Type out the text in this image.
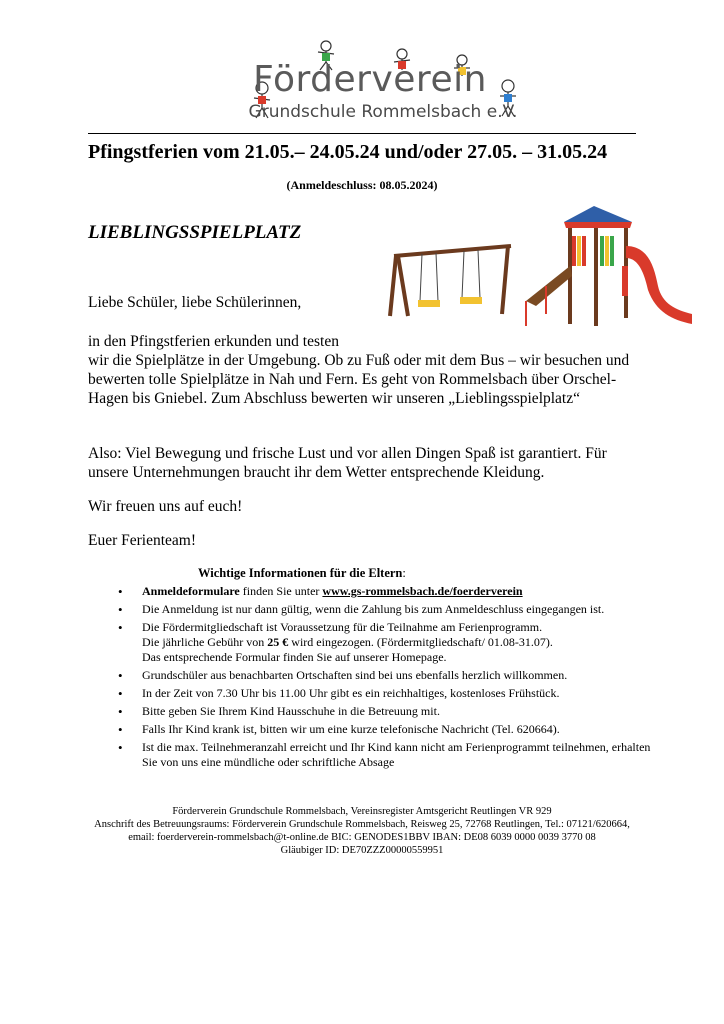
Förderverein
Grundschule Rommelsbach e.V.
Pfingstferien vom 21.05.– 24.05.24 und/oder 27.05. – 31.05.24
(Anmeldeschluss: 08.05.2024)
LIEBLINGSSPIELPLATZ
Liebe Schüler, liebe Schülerinnen,
in den Pfingstferien erkunden und testen
wir die Spielplätze in der Umgebung. Ob zu Fuß oder mit dem Bus – wir besuchen und bewerten tolle Spielplätze in Nah und Fern. Es geht von Rommelsbach über Orschel-Hagen bis Gniebel. Zum Abschluss bewerten wir unseren „Lieblingsspielplatz“
Also: Viel Bewegung und frische Lust und vor allen Dingen Spaß ist garantiert. Für unsere Unternehmungen braucht ihr dem Wetter entsprechende Kleidung.
Wir freuen uns auf euch!
Euer Ferienteam!
Wichtige Informationen für die Eltern:
• Anmeldeformulare finden Sie unter www.gs-rommelsbach.de/foerderverein
• Die Anmeldung ist nur dann gültig, wenn die Zahlung bis zum Anmeldeschluss eingegangen ist.
• Die Fördermitgliedschaft ist Voraussetzung für die Teilnahme am Ferienprogramm.
Die jährliche Gebühr von 25 € wird eingezogen. (Fördermitgliedschaft/ 01.08-31.07).
Das entsprechende Formular finden Sie auf unserer Homepage.
• Grundschüler aus benachbarten Ortschaften sind bei uns ebenfalls herzlich willkommen.
• In der Zeit von 7.30 Uhr bis 11.00 Uhr gibt es ein reichhaltiges, kostenloses Frühstück.
• Bitte geben Sie Ihrem Kind Hausschuhe in die Betreuung mit.
• Falls Ihr Kind krank ist, bitten wir um eine kurze telefonische Nachricht (Tel. 620664).
• Ist die max. Teilnehmeranzahl erreicht und Ihr Kind kann nicht am Ferienprogrammt teilnehmen, erhalten Sie von uns eine mündliche oder schriftliche Absage
Förderverein Grundschule Rommelsbach, Vereinsregister Amtsgericht Reutlingen VR 929
Anschrift des Betreuungsraums: Förderverein Grundschule Rommelsbach, Reisweg 25, 72768 Reutlingen, Tel.: 07121/620664,
email: foerderverein-rommelsbach@t-online.de BIC: GENODES1BBV IBAN: DE08 6039 0000 0039 3770 08
Gläubiger ID: DE70ZZZ00000559951
